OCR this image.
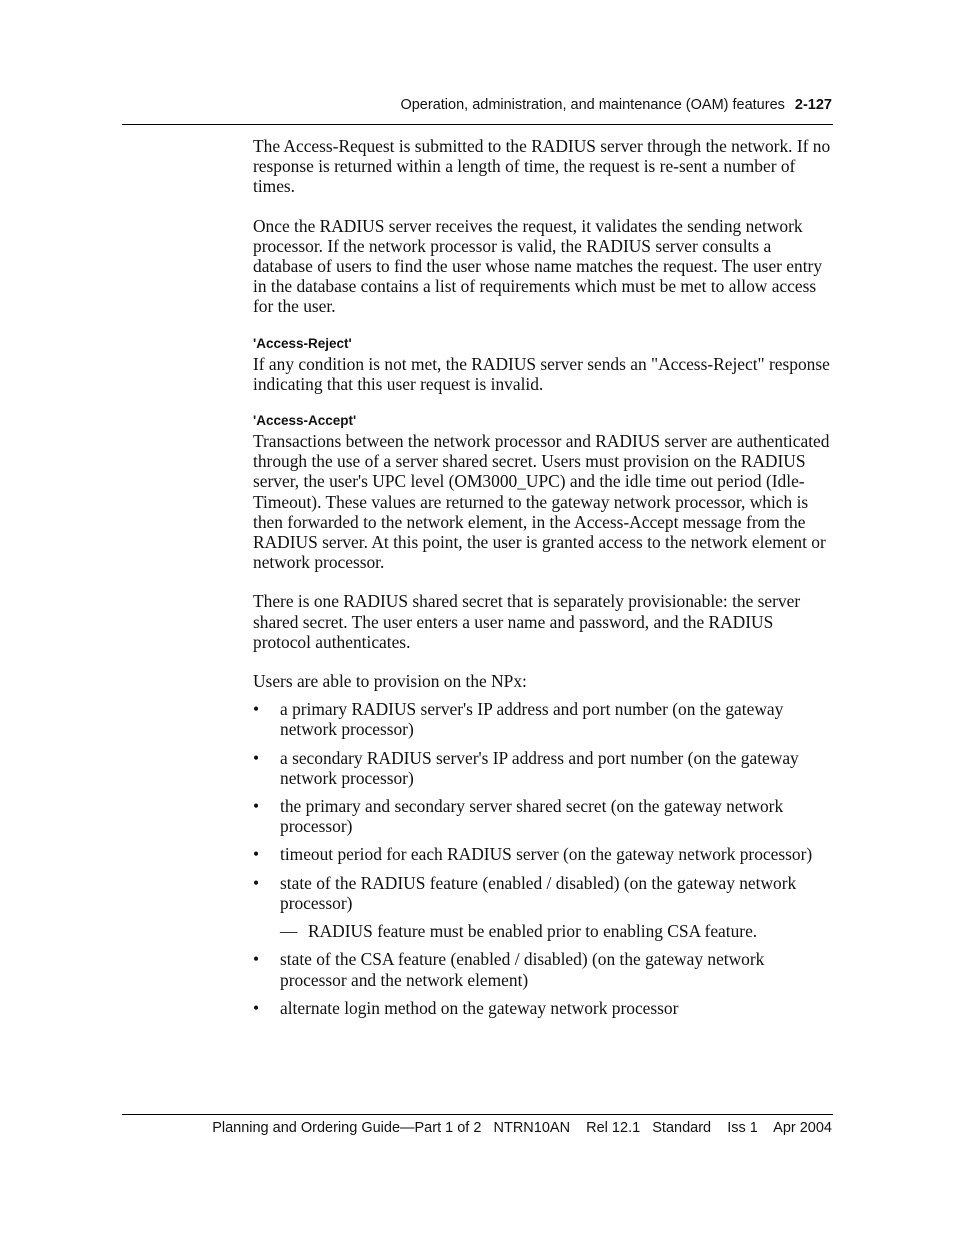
Operation, administration, and maintenance (OAM) features 2-127

The Access-Request is submitted to the RADIUS server through the network. If no response is returned within a length of time, the request is re-sent a number of times.

Once the RADIUS server receives the request, it validates the sending network processor. If the network processor is valid, the RADIUS server consults a database of users to find the user whose name matches the request. The user entry in the database contains a list of requirements which must be met to allow access for the user.

'Access-Reject'

If any condition is not met, the RADIUS server sends an "Access-Reject" response indicating that this user request is invalid.

'Access-Accept'

Transactions between the network processor and RADIUS server are authenticated through the use of a server shared secret. Users must provision on the RADIUS server, the user's UPC level (OM3000_UPC) and the idle time out period (Idle-Timeout). These values are returned to the gateway network processor, which is then forwarded to the network element, in the Access-Accept message from the RADIUS server. At this point, the user is granted access to the network element or network processor.

There is one RADIUS shared secret that is separately provisionable: the server shared secret. The user enters a user name and password, and the RADIUS protocol authenticates.

Users are able to provision on the NPx:

• a primary RADIUS server's IP address and port number (on the gateway network processor)
• a secondary RADIUS server's IP address and port number (on the gateway network processor)
• the primary and secondary server shared secret (on the gateway network processor)
• timeout period for each RADIUS server (on the gateway network processor)
• state of the RADIUS feature (enabled / disabled) (on the gateway network processor)
— RADIUS feature must be enabled prior to enabling CSA feature.
• state of the CSA feature (enabled / disabled) (on the gateway network processor and the network element)
• alternate login method on the gateway network processor
Planning and Ordering Guide—Part 1 of 2   NTRN10AN    Rel 12.1   Standard    Iss 1    Apr 2004
